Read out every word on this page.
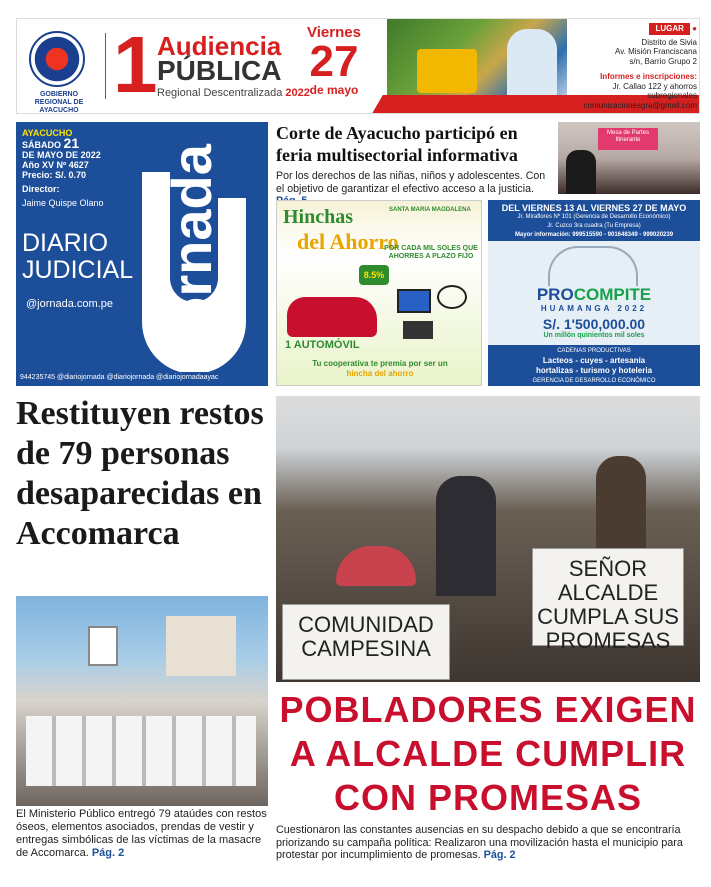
GOBIERNO REGIONAL DE AYACUCHO
1 Audiencia
PÚBLICA
Regional Descentralizada 2022
Viernes
27
de mayo
LUGAR ●
Distrito de Sivia
Av. Misión Franciscana
s/n, Barrio Grupo 2
Informes e inscripciones:
Jr. Callao 122 y ahorros subregionales
comunicacionesgra@gmail.com
AYACUCHO
SÁBADO 21
DE MAYO DE 2022
Año XV Nº 4627
Precio: S/. 0.70
Director:
Jaime Quispe Olano
DIARIO
JUDICIAL
@jornada.com.pe Jornada
944235745 @diariojornada @diariojornada @diariojornadaayac
Corte de Ayacucho participó en feria multisectorial informativa
Por los derechos de las niñas, niños y adolescentes. Con el objetivo de garantizar el efectivo acceso a la justicia.
Mesa de Partes Itinerante
Hinchas
del Ahorro
SANTA MARIA MAGDALENA
POR CADA MIL SOLES QUE AHORRES A PLAZO FIJO
8.5%
1 AUTOMÓVIL
Tu cooperativa te premia por ser un
hincha del ahorro
DEL VIERNES 13 AL VIERNES 27 DE MAYO
Jr. Miraflores Nº 101 (Gerencia de Desarrollo Económico)
Jr. Cuzco 3ra cuadra (Tu Empresa)
Mayor información: 999515590 - 901648349 - 999020239
PROCOMPITE
HUAMANGA 2022
S/. 1'500,000.00
Un millón quinientos mil soles
CADENAS PRODUCTIVAS
Lacteos - cuyes - artesanía
hortalizas - turismo y hoteleria
GERENCIA DE DESARROLLO ECONÓMICO
Restituyen restos de 79 personas desaparecidas en Accomarca
El Ministerio Público entregó 79 ataúdes con restos óseos, elementos asociados, prendas de vestir y entregas simbólicas de las víctimas de la masacre de Accomarca. Pág. 2
COMUNIDAD CAMPESINA
SEÑOR ALCALDE CUMPLA SUS PROMESAS
POBLADORES EXIGEN A ALCALDE CUMPLIR CON PROMESAS
Cuestionaron las constantes ausencias en su despacho debido a que se encontraría priorizando su campaña política: Realizaron una movilización hasta el municipio para protestar por incumplimiento de promesas. Pág. 2
